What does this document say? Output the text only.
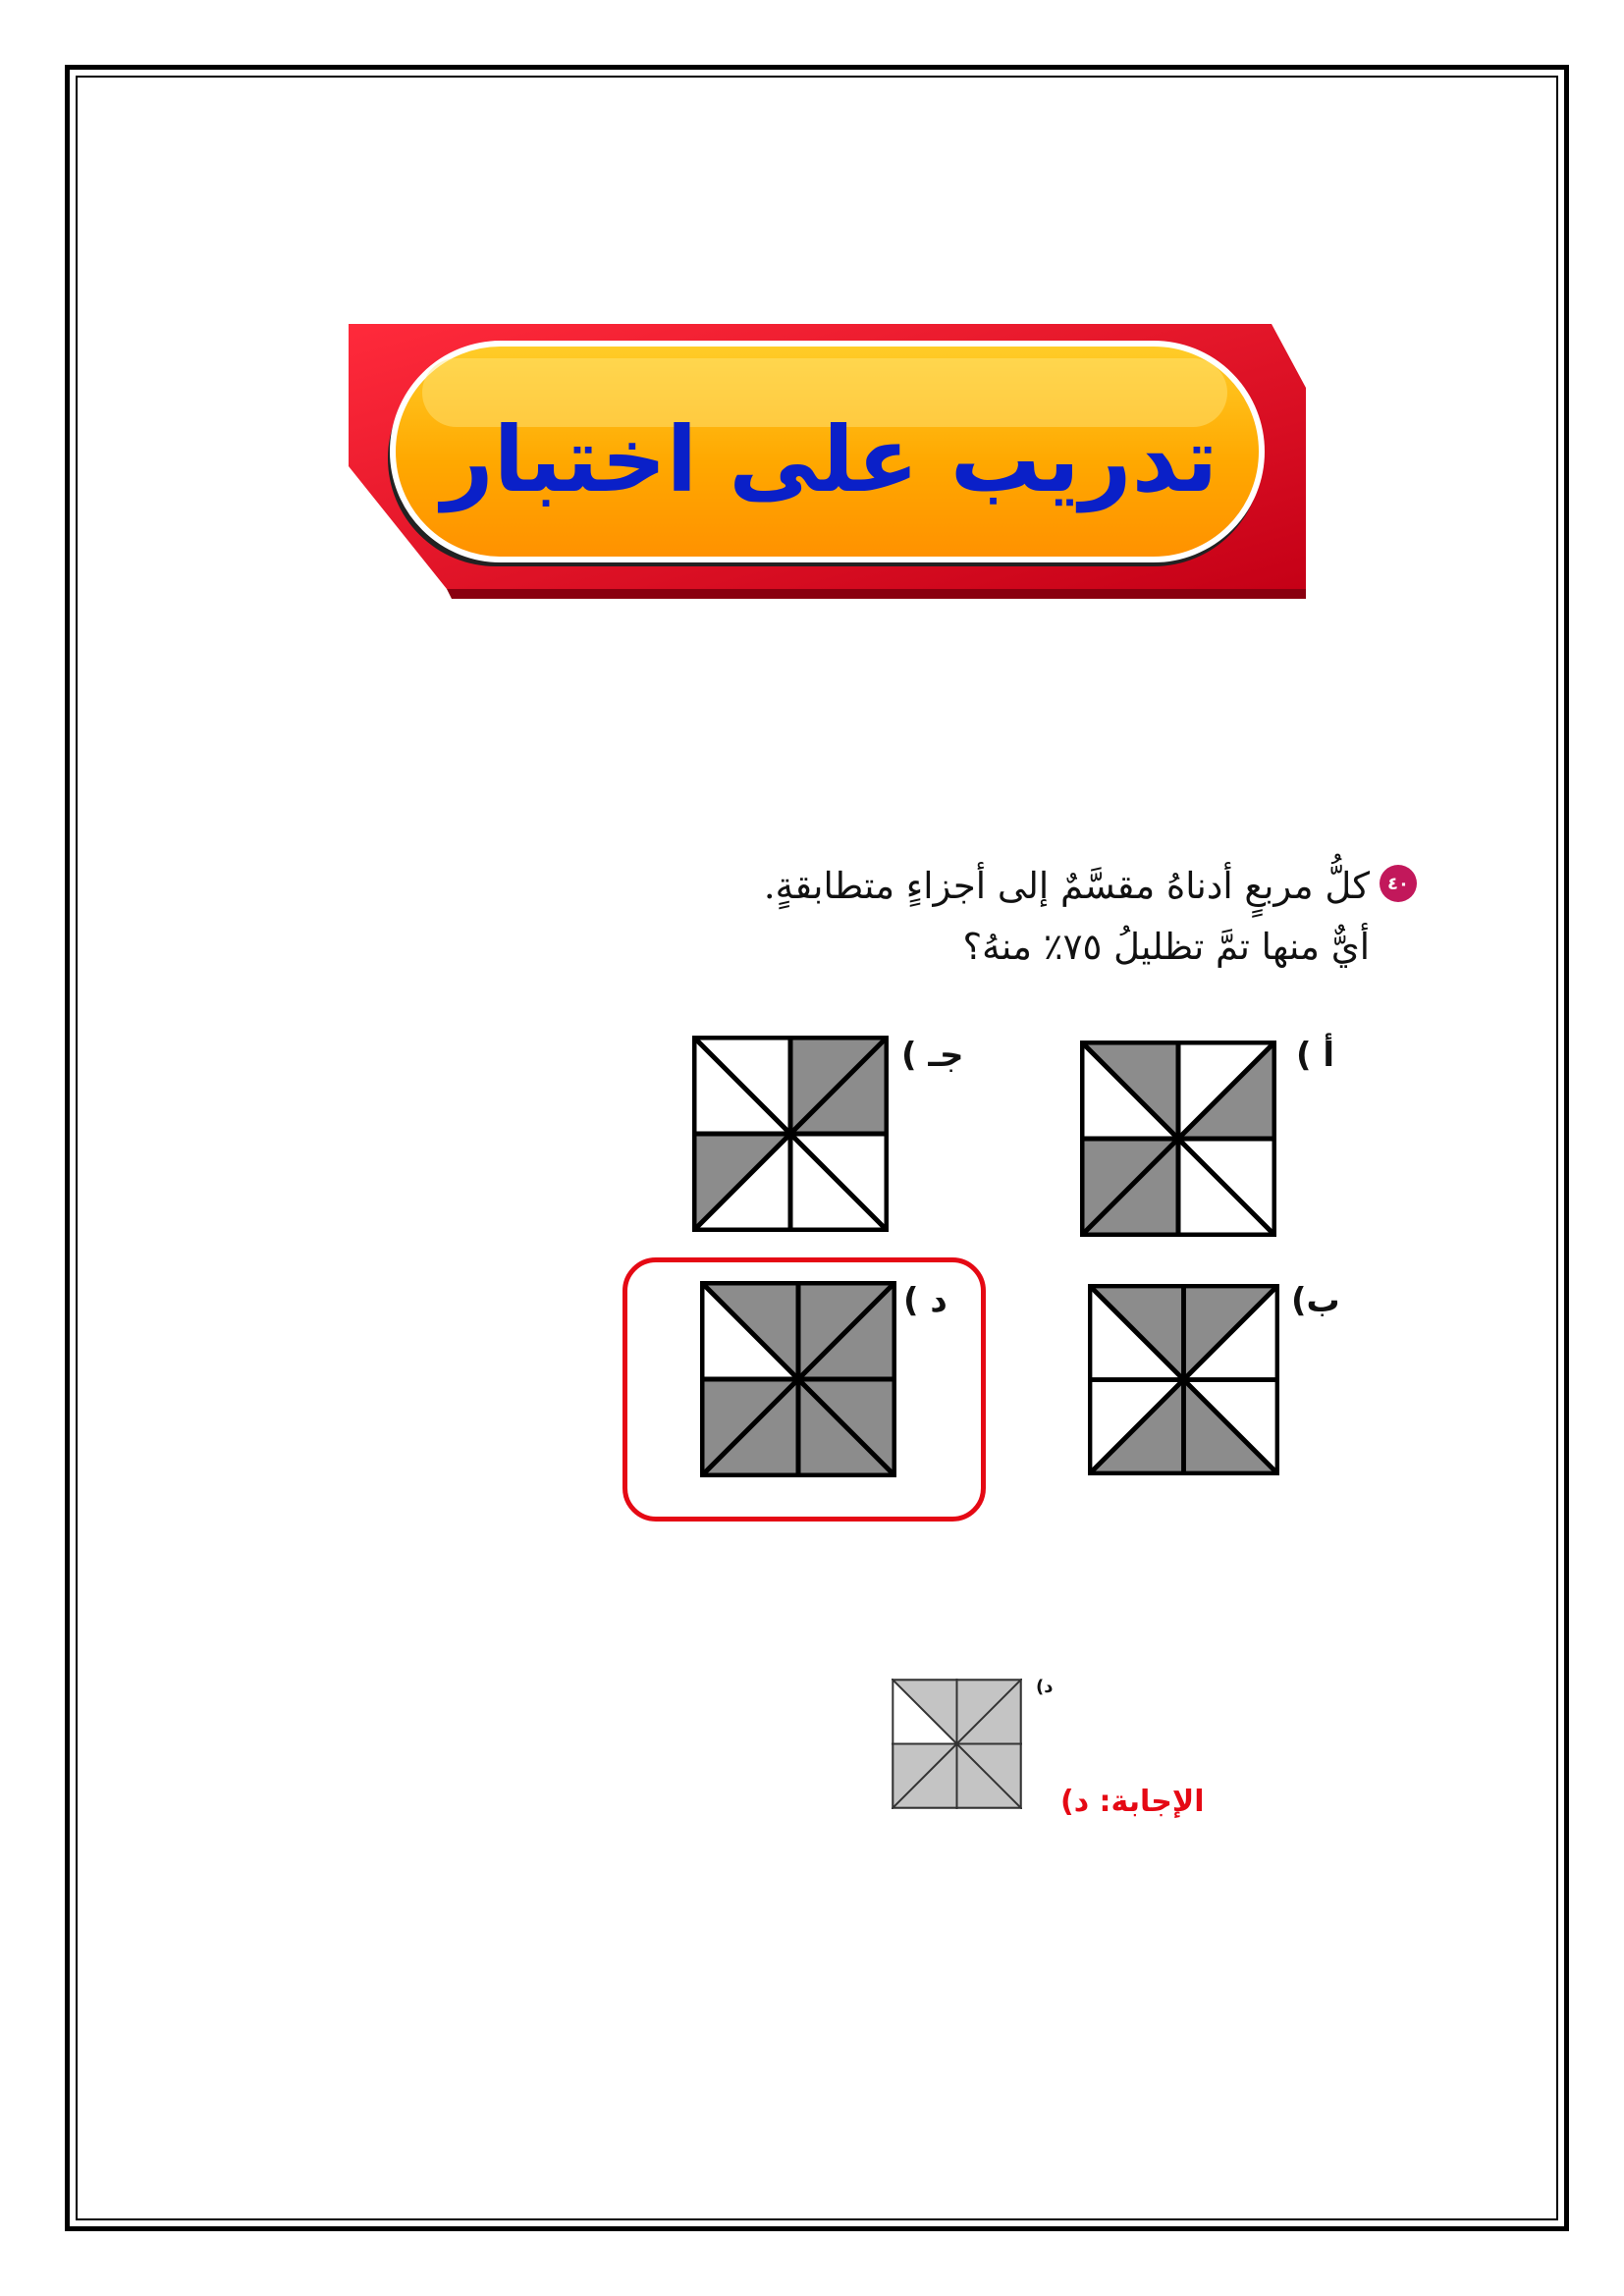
تدريب على اختبار
٤٠
كلُّ مربعٍ أدناهُ مقسَّمٌ إلى أجزاءٍ متطابقةٍ. أيٌّ منها تمَّ تظليلُ ٧٥٪ منهُ؟
أ )
ب)
جـ )
د )
د)
الإجابة: د)
